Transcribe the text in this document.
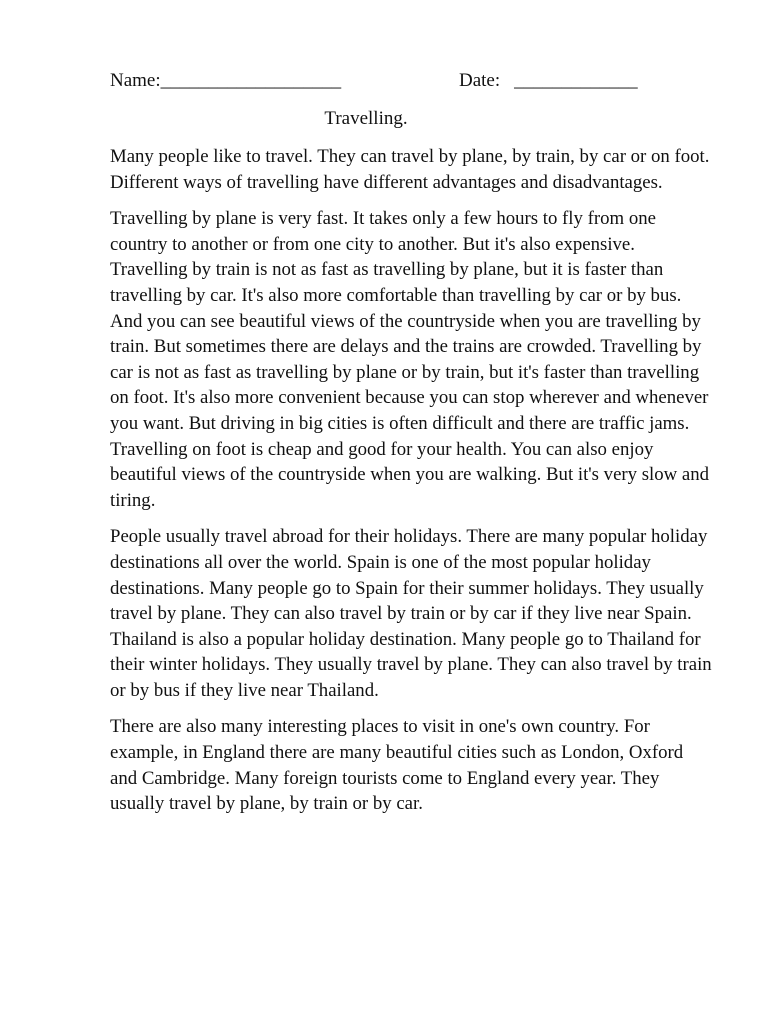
Name:___________________	Date: _____________
Travelling.

Many people like to travel. They can travel by plane, by train, by car or on foot. Different ways of travelling have different advantages and disadvantages.

Travelling by plane is very fast. It takes only a few hours to fly from one country to another or from one city to another. But it's also expensive. Travelling by train is not as fast as travelling by plane, but it is faster than travelling by car. It's also more comfortable than travelling by car or by bus. And you can see beautiful views of the countryside when you are travelling by train. But sometimes there are delays and the trains are crowded. Travelling by car is not as fast as travelling by plane or by train, but it's faster than travelling on foot. It's also more convenient because you can stop wherever and whenever you want. But driving in big cities is often difficult and there are traffic jams. Travelling on foot is cheap and good for your health. You can also enjoy beautiful views of the countryside when you are walking. But it's very slow and tiring.

People usually travel abroad for their holidays. There are many popular holiday destinations all over the world. Spain is one of the most popular holiday destinations. Many people go to Spain for their summer holidays. They usually travel by plane. They can also travel by train or by car if they live near Spain. Thailand is also a popular holiday destination. Many people go to Thailand for their winter holidays. They usually travel by plane. They can also travel by train or by bus if they live near Thailand.

There are also many interesting places to visit in one's own country. For example, in England there are many beautiful cities such as London, Oxford and Cambridge. Many foreign tourists come to England every year. They usually travel by plane, by train or by car.
